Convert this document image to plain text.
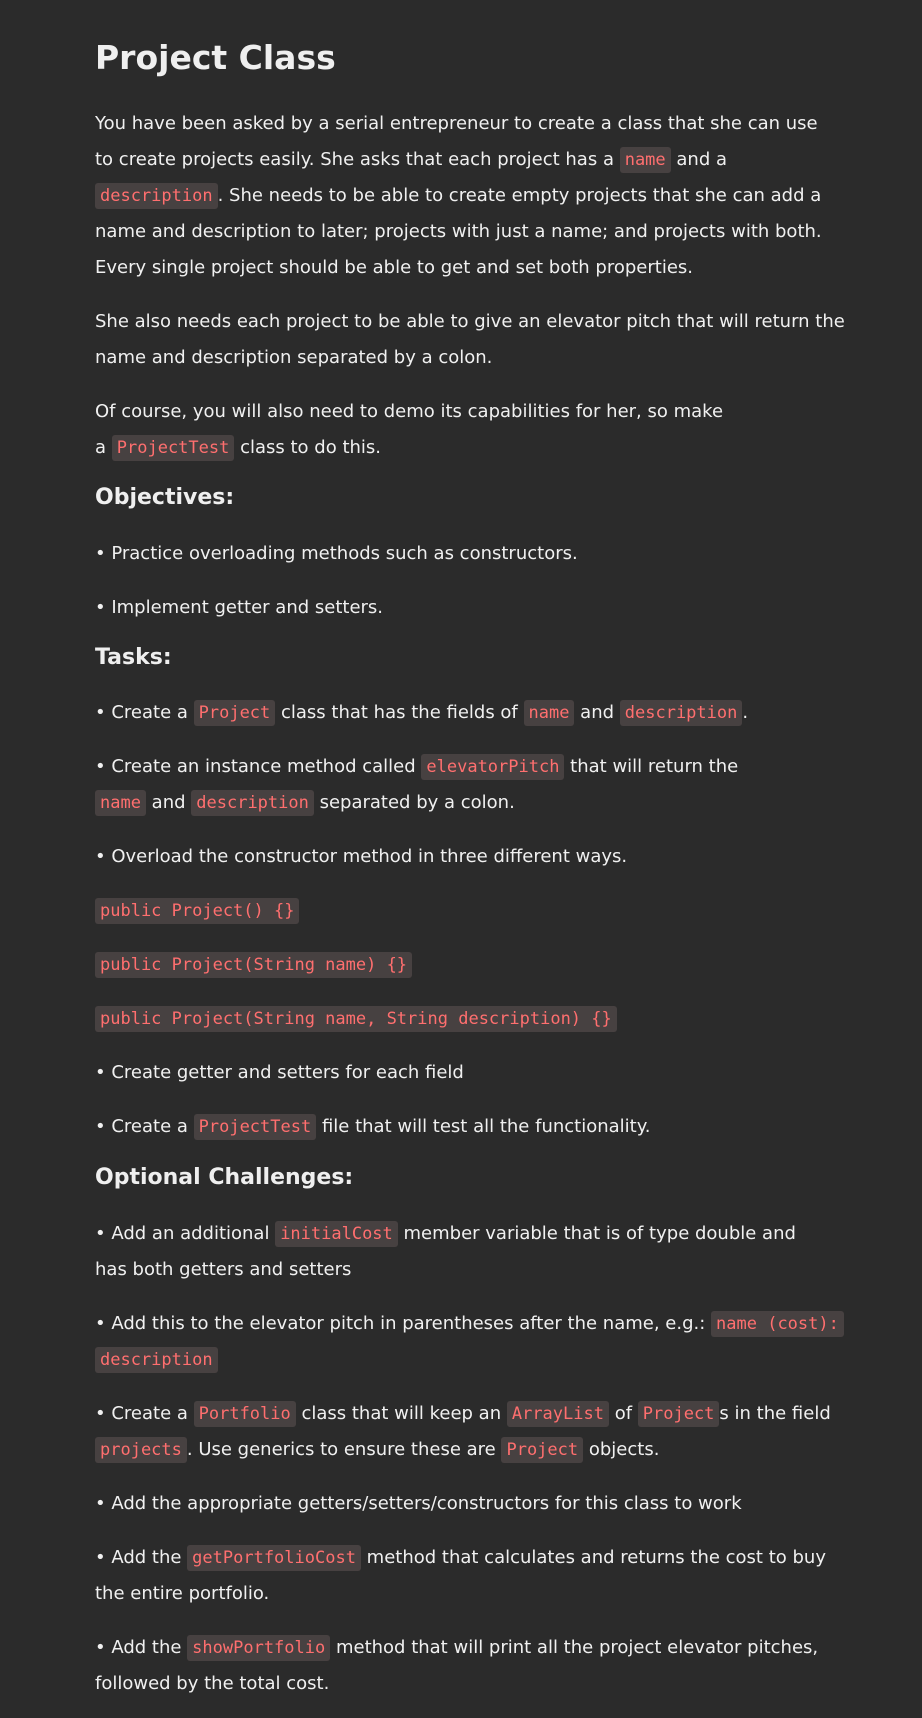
Project Class
You have been asked by a serial entrepreneur to create a class that she can use
to create projects easily. She asks that each project has a name and a
description . She needs to be able to create empty projects that she can add a
name and description to later; projects with just a name; and projects with both.
Every single project should be able to get and set both properties.
She also needs each project to be able to give an elevator pitch that will return the
name and description separated by a colon.
Of course, you will also need to demo its capabilities for her, so make
a ProjectTest class to do this.
Objectives:
• Practice overloading methods such as constructors.
• Implement getter and setters.
Tasks:
• Create a Project class that has the fields of name and description .
• Create an instance method called elevatorPitch that will return the
name and description separated by a colon.
• Overload the constructor method in three different ways.
public Project() {}
public Project(String name) {}
public Project(String name, String description) {}
• Create getter and setters for each field
• Create a ProjectTest file that will test all the functionality.
Optional Challenges:
• Add an additional initialCost member variable that is of type double and
has both getters and setters
• Add this to the elevator pitch in parentheses after the name, e.g.: name (cost):
description
• Create a Portfolio class that will keep an ArrayList of Project s in the field
projects . Use generics to ensure these are Project objects.
• Add the appropriate getters/setters/constructors for this class to work
• Add the getPortfolioCost method that calculates and returns the cost to buy
the entire portfolio.
• Add the showPortfolio method that will print all the project elevator pitches,
followed by the total cost.
